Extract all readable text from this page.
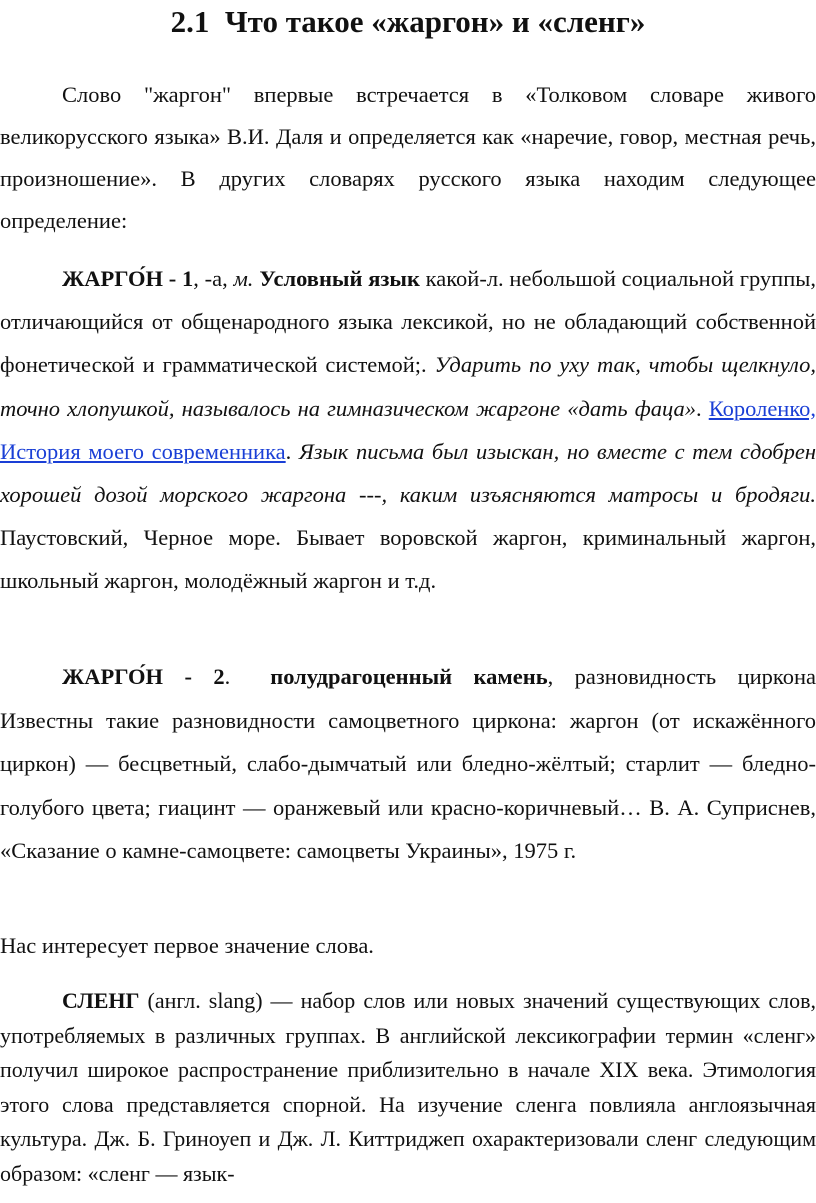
2.1 Что такое «жаргон» и «сленг»

Слово "жаргон" впервые встречается в «Толковом словаре живого великорусского языка» В.И. Даля и определяется как «наречие, говор, местная речь, произношение». В других словарях русского языка находим следующее определение:

ЖАРГО́Н - 1, -а, м. Условный язык какой-л. небольшой социальной группы, отличающийся от общенародного языка лексикой, но не обладающий собственной фонетической и грамматической системой;. Ударить по уху так, чтобы щелкнуло, точно хлопушкой, называлось на гимназическом жаргоне «дать фаца». Короленко, История моего современника. Язык письма был изыскан, но вместе с тем сдобрен хорошей дозой морского жаргона ---, каким изъясняются матросы и бродяги. Паустовский, Черное море. Бывает воровской жаргон, криминальный жаргон, школьный жаргон, молодёжный жаргон и т.д.

ЖАРГО́Н - 2. полудрагоценный камень, разновидность циркона Известны такие разновидности самоцветного циркона: жаргон (от искажённого циркон) — бесцветный, слабо-дымчатый или бледно-жёлтый; старлит — бледно-голубого цвета; гиацинт — оранжевый или красно-коричневый… В. А. Суприснев, «Сказание о камне-самоцвете: самоцветы Украины», 1975 г.

Нас интересует первое значение слова.

СЛЕНГ (англ. slang) — набор слов или новых значений существующих слов, употребляемых в различных группах. В английской лексикографии термин «сленг» получил широкое распространение приблизительно в начале XIX века. Этимология этого слова представляется спорной. На изучение сленга повлияла англоязычная культура. Дж. Б. Гриноуеп и Дж. Л. Киттриджеп охарактеризовали сленг следующим образом: «сленг — язык-
